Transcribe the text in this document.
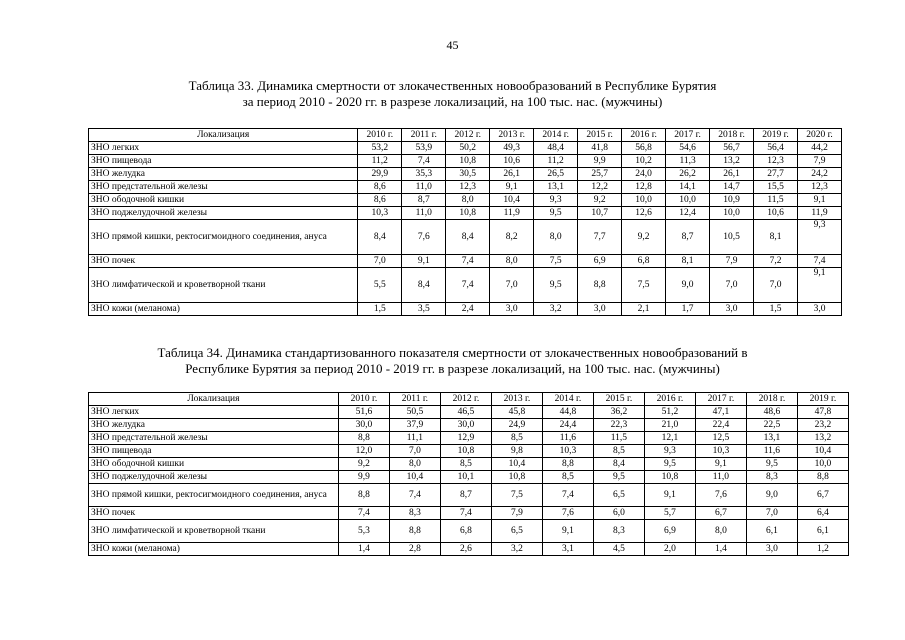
45
Таблица 33. Динамика смертности от злокачественных новообразований в Республике Бурятия
за период 2010 - 2020 гг. в разрезе локализаций, на 100 тыс. нас. (мужчины)
Локализация	2010 г.	2011 г.	2012 г.	2013 г.	2014 г.	2015 г.	2016 г.	2017 г.	2018 г.	2019 г.	2020 г.
ЗНО легких	53,2	53,9	50,2	49,3	48,4	41,8	56,8	54,6	56,7	56,4	44,2
ЗНО пищевода	11,2	7,4	10,8	10,6	11,2	9,9	10,2	11,3	13,2	12,3	7,9
ЗНО желудка	29,9	35,3	30,5	26,1	26,5	25,7	24,0	26,2	26,1	27,7	24,2
ЗНО предстательной железы	8,6	11,0	12,3	9,1	13,1	12,2	12,8	14,1	14,7	15,5	12,3
ЗНО ободочной кишки	8,6	8,7	8,0	10,4	9,3	9,2	10,0	10,0	10,9	11,5	9,1
ЗНО поджелудочной железы	10,3	11,0	10,8	11,9	9,5	10,7	12,6	12,4	10,0	10,6	11,9
ЗНО прямой кишки, ректосигмоидного соединения, ануса	8,4	7,6	8,4	8,2	8,0	7,7	9,2	8,7	10,5	8,1	9,3
ЗНО почек	7,0	9,1	7,4	8,0	7,5	6,9	6,8	8,1	7,9	7,2	7,4
ЗНО лимфатической и кроветворной ткани	5,5	8,4	7,4	7,0	9,5	8,8	7,5	9,0	7,0	7,0	9,1
ЗНО кожи (меланома)	1,5	3,5	2,4	3,0	3,2	3,0	2,1	1,7	3,0	1,5	3,0
Таблица 34. Динамика стандартизованного показателя смертности от злокачественных новообразований в
Республике Бурятия за период 2010 - 2019 гг. в разрезе локализаций, на 100 тыс. нас. (мужчины)
Локализация	2010 г.	2011 г.	2012 г.	2013 г.	2014 г.	2015 г.	2016 г.	2017 г.	2018 г.	2019 г.
ЗНО легких	51,6	50,5	46,5	45,8	44,8	36,2	51,2	47,1	48,6	47,8
ЗНО желудка	30,0	37,9	30,0	24,9	24,4	22,3	21,0	22,4	22,5	23,2
ЗНО предстательной железы	8,8	11,1	12,9	8,5	11,6	11,5	12,1	12,5	13,1	13,2
ЗНО пищевода	12,0	7,0	10,8	9,8	10,3	8,5	9,3	10,3	11,6	10,4
ЗНО ободочной кишки	9,2	8,0	8,5	10,4	8,8	8,4	9,5	9,1	9,5	10,0
ЗНО поджелудочной железы	9,9	10,4	10,1	10,8	8,5	9,5	10,8	11,0	8,3	8,8
ЗНО прямой кишки, ректосигмоидного соединения, ануса	8,8	7,4	8,7	7,5	7,4	6,5	9,1	7,6	9,0	6,7
ЗНО почек	7,4	8,3	7,4	7,9	7,6	6,0	5,7	6,7	7,0	6,4
ЗНО лимфатической и кроветворной ткани	5,3	8,8	6,8	6,5	9,1	8,3	6,9	8,0	6,1	6,1
ЗНО кожи (меланома)	1,4	2,8	2,6	3,2	3,1	4,5	2,0	1,4	3,0	1,2
